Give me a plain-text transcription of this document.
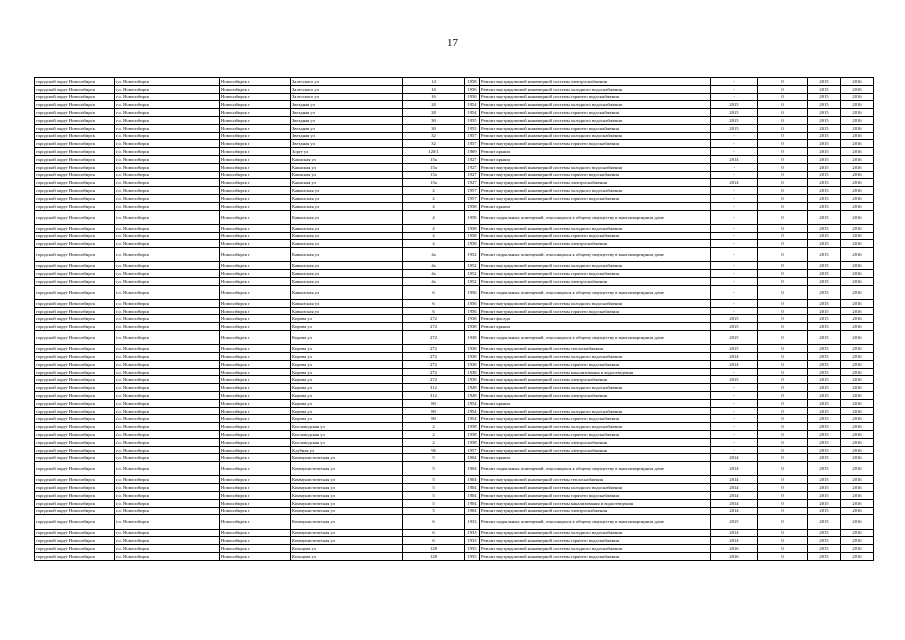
17
городской округ Новосибирск	г.о. Новосибирск	Новосибирск г	Залесского ул	14	1958	Ремонт внутридомовой инженерной системы электроснабжения	-	0	2015	2016
городской округ Новосибирск	г.о. Новосибирск	Новосибирск г	Залесского ул	16	1956	Ремонт внутридомовой инженерной системы холодного водоснабжения	-	0	2015	2016
городской округ Новосибирск	г.о. Новосибирск	Новосибирск г	Залесского ул	16	1956	Ремонт внутридомовой инженерной системы горячего водоснабжения	-	0	2015	2016
городской округ Новосибирск	г.о. Новосибирск	Новосибирск г	Звездная ул	28	1954	Ремонт внутридомовой инженерной системы холодного водоснабжения	2015	0	2015	2016
городской округ Новосибирск	г.о. Новосибирск	Новосибирск г	Звездная ул	28	1954	Ремонт внутридомовой инженерной системы горячего водоснабжения	2015	0	2015	2016
городской округ Новосибирск	г.о. Новосибирск	Новосибирск г	Звездная ул	30	1955	Ремонт внутридомовой инженерной системы холодного водоснабжения	2015	0	2015	2016
городской округ Новосибирск	г.о. Новосибирск	Новосибирск г	Звездная ул	30	1955	Ремонт внутридомовой инженерной системы горячего водоснабжения	2015	0	2015	2016
городской округ Новосибирск	г.о. Новосибирск	Новосибирск г	Звездная ул	32	1957	Ремонт внутридомовой инженерной системы холодного водоснабжения	-	0	2015	2016
городской округ Новосибирск	г.о. Новосибирск	Новосибирск г	Звездная ул	32	1957	Ремонт внутридомовой инженерной системы горячего водоснабжения	-	0	2015	2016
городской округ Новосибирск	г.о. Новосибирск	Новосибирск г	Зорге ул	120/1	1969	Ремонт крыши	-	0	2015	2016
городской округ Новосибирск	г.о. Новосибирск	Новосибирск г	Каинская ул	15а	1927	Ремонт крыши	2014	0	2015	2016
городской округ Новосибирск	г.о. Новосибирск	Новосибирск г	Каинская ул	15а	1927	Ремонт внутридомовой инженерной системы холодного водоснабжения	-	0	2015	2016
городской округ Новосибирск	г.о. Новосибирск	Новосибирск г	Каинская ул	15а	1927	Ремонт внутридомовой инженерной системы горячего водоснабжения	-	0	2015	2016
городской округ Новосибирск	г.о. Новосибирск	Новосибирск г	Каинская ул	15а	1927	Ремонт внутридомовой инженерной системы электроснабжения	2014	0	2015	2016
городской округ Новосибирск	г.о. Новосибирск	Новосибирск г	Кавказская ул	2	1957	Ремонт внутридомовой инженерной системы холодного водоснабжения	-	0	2015	2016
городской округ Новосибирск	г.о. Новосибирск	Новосибирск г	Кавказская ул	2	1957	Ремонт внутридомовой инженерной системы горячего водоснабжения	-	0	2015	2016
городской округ Новосибирск	г.о. Новосибирск	Новосибирск г	Кавказская ул	4	1958	Ремонт крыши	-	0	2015	2016
городской округ Новосибирск	г.о. Новосибирск	Новосибирск г	Кавказская ул	4	1958	Ремонт подвальных помещений, относящихся к общему имуществу в многоквартирном доме	-	0	2015	2016
городской округ Новосибирск	г.о. Новосибирск	Новосибирск г	Кавказская ул	4	1958	Ремонт внутридомовой инженерной системы холодного водоснабжения	-	0	2015	2016
городской округ Новосибирск	г.о. Новосибирск	Новосибирск г	Кавказская ул	4	1958	Ремонт внутридомовой инженерной системы горячего водоснабжения	-	0	2015	2016
городской округ Новосибирск	г.о. Новосибирск	Новосибирск г	Кавказская ул	4	1958	Ремонт внутридомовой инженерной системы электроснабжения	-	0	2015	2016
городской округ Новосибирск	г.о. Новосибирск	Новосибирск г	Кавказская ул	4а	1952	Ремонт подвальных помещений, относящихся к общему имуществу в многоквартирном доме	-	0	2015	2016
городской округ Новосибирск	г.о. Новосибирск	Новосибирск г	Кавказская ул	4а	1952	Ремонт внутридомовой инженерной системы холодного водоснабжения	-	0	2015	2016
городской округ Новосибирск	г.о. Новосибирск	Новосибирск г	Кавказская ул	4а	1952	Ремонт внутридомовой инженерной системы горячего водоснабжения	-	0	2015	2016
городской округ Новосибирск	г.о. Новосибирск	Новосибирск г	Кавказская ул	4а	1952	Ремонт внутридомовой инженерной системы электроснабжения	-	0	2015	2016
городской округ Новосибирск	г.о. Новосибирск	Новосибирск г	Кавказская ул	6	1956	Ремонт подвальных помещений, относящихся к общему имуществу в многоквартирном доме	-	0	2015	2016
городской округ Новосибирск	г.о. Новосибирск	Новосибирск г	Кавказская ул	6	1956	Ремонт внутридомовой инженерной системы холодного водоснабжения	-	0	2015	2016
городской округ Новосибирск	г.о. Новосибирск	Новосибирск г	Кавказская ул	6	1956	Ремонт внутридомовой инженерной системы горячего водоснабжения	-	0	2015	2016
городской округ Новосибирск	г.о. Новосибирск	Новосибирск г	Кирова ул	272	1938	Ремонт фасада	2015	0	2015	2016
городской округ Новосибирск	г.о. Новосибирск	Новосибирск г	Кирова ул	272	1938	Ремонт крыши	2015	0	2015	2016
городской округ Новосибирск	г.о. Новосибирск	Новосибирск г	Кирова ул	272	1938	Ремонт подвальных помещений, относящихся к общему имуществу в многоквартирном доме	2015	0	2015	2016
городской округ Новосибирск	г.о. Новосибирск	Новосибирск г	Кирова ул	272	1938	Ремонт внутридомовой инженерной системы теплоснабжения	2015	0	2015	2016
городской округ Новосибирск	г.о. Новосибирск	Новосибирск г	Кирова ул	272	1938	Ремонт внутридомовой инженерной системы холодного водоснабжения	2014	0	2015	2016
городской округ Новосибирск	г.о. Новосибирск	Новосибирск г	Кирова ул	272	1938	Ремонт внутридомовой инженерной системы горячего водоснабжения	2014	0	2015	2016
городской округ Новосибирск	г.о. Новосибирск	Новосибирск г	Кирова ул	272	1938	Ремонт внутридомовой инженерной системы канализования и водоотведения	-	0	2015	2016
городской округ Новосибирск	г.о. Новосибирск	Новосибирск г	Кирова ул	272	1938	Ремонт внутридомовой инженерной системы электроснабжения	2015	0	2015	2016
городской округ Новосибирск	г.о. Новосибирск	Новосибирск г	Кирова ул	312	1948	Ремонт внутридомовой инженерной системы холодного водоснабжения	-	0	2015	2016
городской округ Новосибирск	г.о. Новосибирск	Новосибирск г	Кирова ул	312	1948	Ремонт внутридомовой инженерной системы электроснабжения	-	0	2015	2016
городской округ Новосибирск	г.о. Новосибирск	Новосибирск г	Кирова ул	80	1954	Ремонт крыши	-	0	2015	2016
городской округ Новосибирск	г.о. Новосибирск	Новосибирск г	Кирова ул	80	1954	Ремонт внутридомовой инженерной системы холодного водоснабжения	-	0	2015	2016
городской округ Новосибирск	г.о. Новосибирск	Новосибирск г	Кирова ул	80	1954	Ремонт внутридомовой инженерной системы горячего водоснабжения	-	0	2015	2016
городской округ Новосибирск	г.о. Новосибирск	Новосибирск г	Кисловодская ул	2	1958	Ремонт внутридомовой инженерной системы холодного водоснабжения	-	0	2015	2016
городской округ Новосибирск	г.о. Новосибирск	Новосибирск г	Кисловодская ул	2	1958	Ремонт внутридомовой инженерной системы горячего водоснабжения	-	0	2015	2016
городской округ Новосибирск	г.о. Новосибирск	Новосибирск г	Кисловодская ул	2	1958	Ремонт внутридомовой инженерной системы электроснабжения	-	0	2015	2016
городской округ Новосибирск	г.о. Новосибирск	Новосибирск г	Клубная ул	96	1957	Ремонт внутридомовой инженерной системы электроснабжения	-	0	2015	2016
городской округ Новосибирск	г.о. Новосибирск	Новосибирск г	Коммунистическая ул	5	1904	Ремонт крыши	2014	0	2015	2016
городской округ Новосибирск	г.о. Новосибирск	Новосибирск г	Коммунистическая ул	5	1904	Ремонт подвальных помещений, относящихся к общему имуществу в многоквартирном доме	2014	0	2015	2016
городской округ Новосибирск	г.о. Новосибирск	Новосибирск г	Коммунистическая ул	5	1904	Ремонт внутридомовой инженерной системы теплоснабжения	2014	0	2015	2016
городской округ Новосибирск	г.о. Новосибирск	Новосибирск г	Коммунистическая ул	5	1904	Ремонт внутридомовой инженерной системы холодного водоснабжения	2014	0	2015	2016
городской округ Новосибирск	г.о. Новосибирск	Новосибирск г	Коммунистическая ул	5	1904	Ремонт внутридомовой инженерной системы горячего водоснабжения	2014	0	2015	2016
городской округ Новосибирск	г.о. Новосибирск	Новосибирск г	Коммунистическая ул	5	1904	Ремонт внутридомовой инженерной системы канализования и водоотведения	2014	0	2015	2016
городской округ Новосибирск	г.о. Новосибирск	Новосибирск г	Коммунистическая ул	5	1904	Ремонт внутридомовой инженерной системы электроснабжения	2014	0	2015	2016
городской округ Новосибирск	г.о. Новосибирск	Новосибирск г	Коммунистическая ул	6	1933	Ремонт подвальных помещений, относящихся к общему имуществу в многоквартирном доме	2015	0	2015	2016
городской округ Новосибирск	г.о. Новосибирск	Новосибирск г	Коммунистическая ул	6	1933	Ремонт внутридомовой инженерной системы холодного водоснабжения	2014	0	2015	2016
городской округ Новосибирск	г.о. Новосибирск	Новосибирск г	Коммунистическая ул	6	1933	Ремонт внутридомовой инженерной системы горячего водоснабжения	2014	0	2015	2016
городской округ Новосибирск	г.о. Новосибирск	Новосибирск г	Кольцова ул	128	1955	Ремонт внутридомовой инженерной системы холодного водоснабжения	2016	0	2015	2016
городской округ Новосибирск	г.о. Новосибирск	Новосибирск г	Кольцова ул	128	1955	Ремонт внутридомовой инженерной системы горячего водоснабжения	2016	0	2015	2016
